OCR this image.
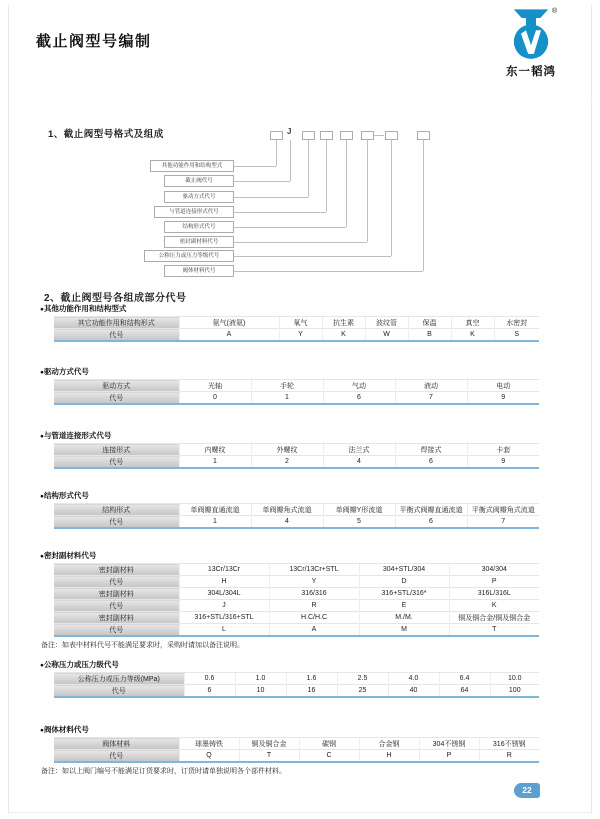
截止阀型号编制
®
东一韬鸿
www.topeqpt.com
1、截止阀型号格式及组成
其他功能作用和结构型式
J
截止阀代号
驱动方式代号
与管道连接形式代号
结构形式代号
密封副材料代号
公称压力或压力等级代号
阀体材料代号
2、截止阀型号各组成部分代号
● 其他功能作用和结构型式
其它功能作用和结构形式	氨气(液氨)	氧气	抗生素	波纹管	保温	真空	水密封
代号	A	Y	K	W	B	K	S
● 驱动方式代号
驱动方式	光轴	手轮	气动	液动	电动
代号	0	1	6	7	9
● 与管道连接形式代号
连接形式	内螺纹	外螺纹	法兰式	焊接式	卡套
代号	1	2	4	6	9
● 结构形式代号
结构形式	单阀瓣直通流道	单阀瓣角式流道	单阀瓣Y形流道	平衡式阀瓣直通流道	平衡式阀瓣角式流道
代号	1	4	5	6	7
● 密封副材料代号
密封副材料	13Cr/13Cr	13Cr/13Cr+STL	304+STL/304	304/304
代号	H	Y	D	P
密封副材料	304L/304L	316/316	316+STL/316*	316L/316L
代号	J	R	E	K
密封副材料	316+STL/316+STL	H.C/H.C	M./M.	铜及铜合金/铜及铜合金
代号	L	A	M	T
备注：如表中材料代号不能满足要求时，采购时请加以备注说明。
● 公称压力或压力级代号
公称压力或压力等级(MPa)	0.6	1.0	1.6	2.5	4.0	6.4	10.0
代号	6	10	16	25	40	64	100
● 阀体材料代号
阀体材料	球墨铸铁	铜及铜合金	碳钢	合金钢	304不锈钢	316不锈钢
代号	Q	T	C	H	P	R
备注：如以上阀门编号不能满足订货要求时，订货时请单独说明各个部件材料。
22
